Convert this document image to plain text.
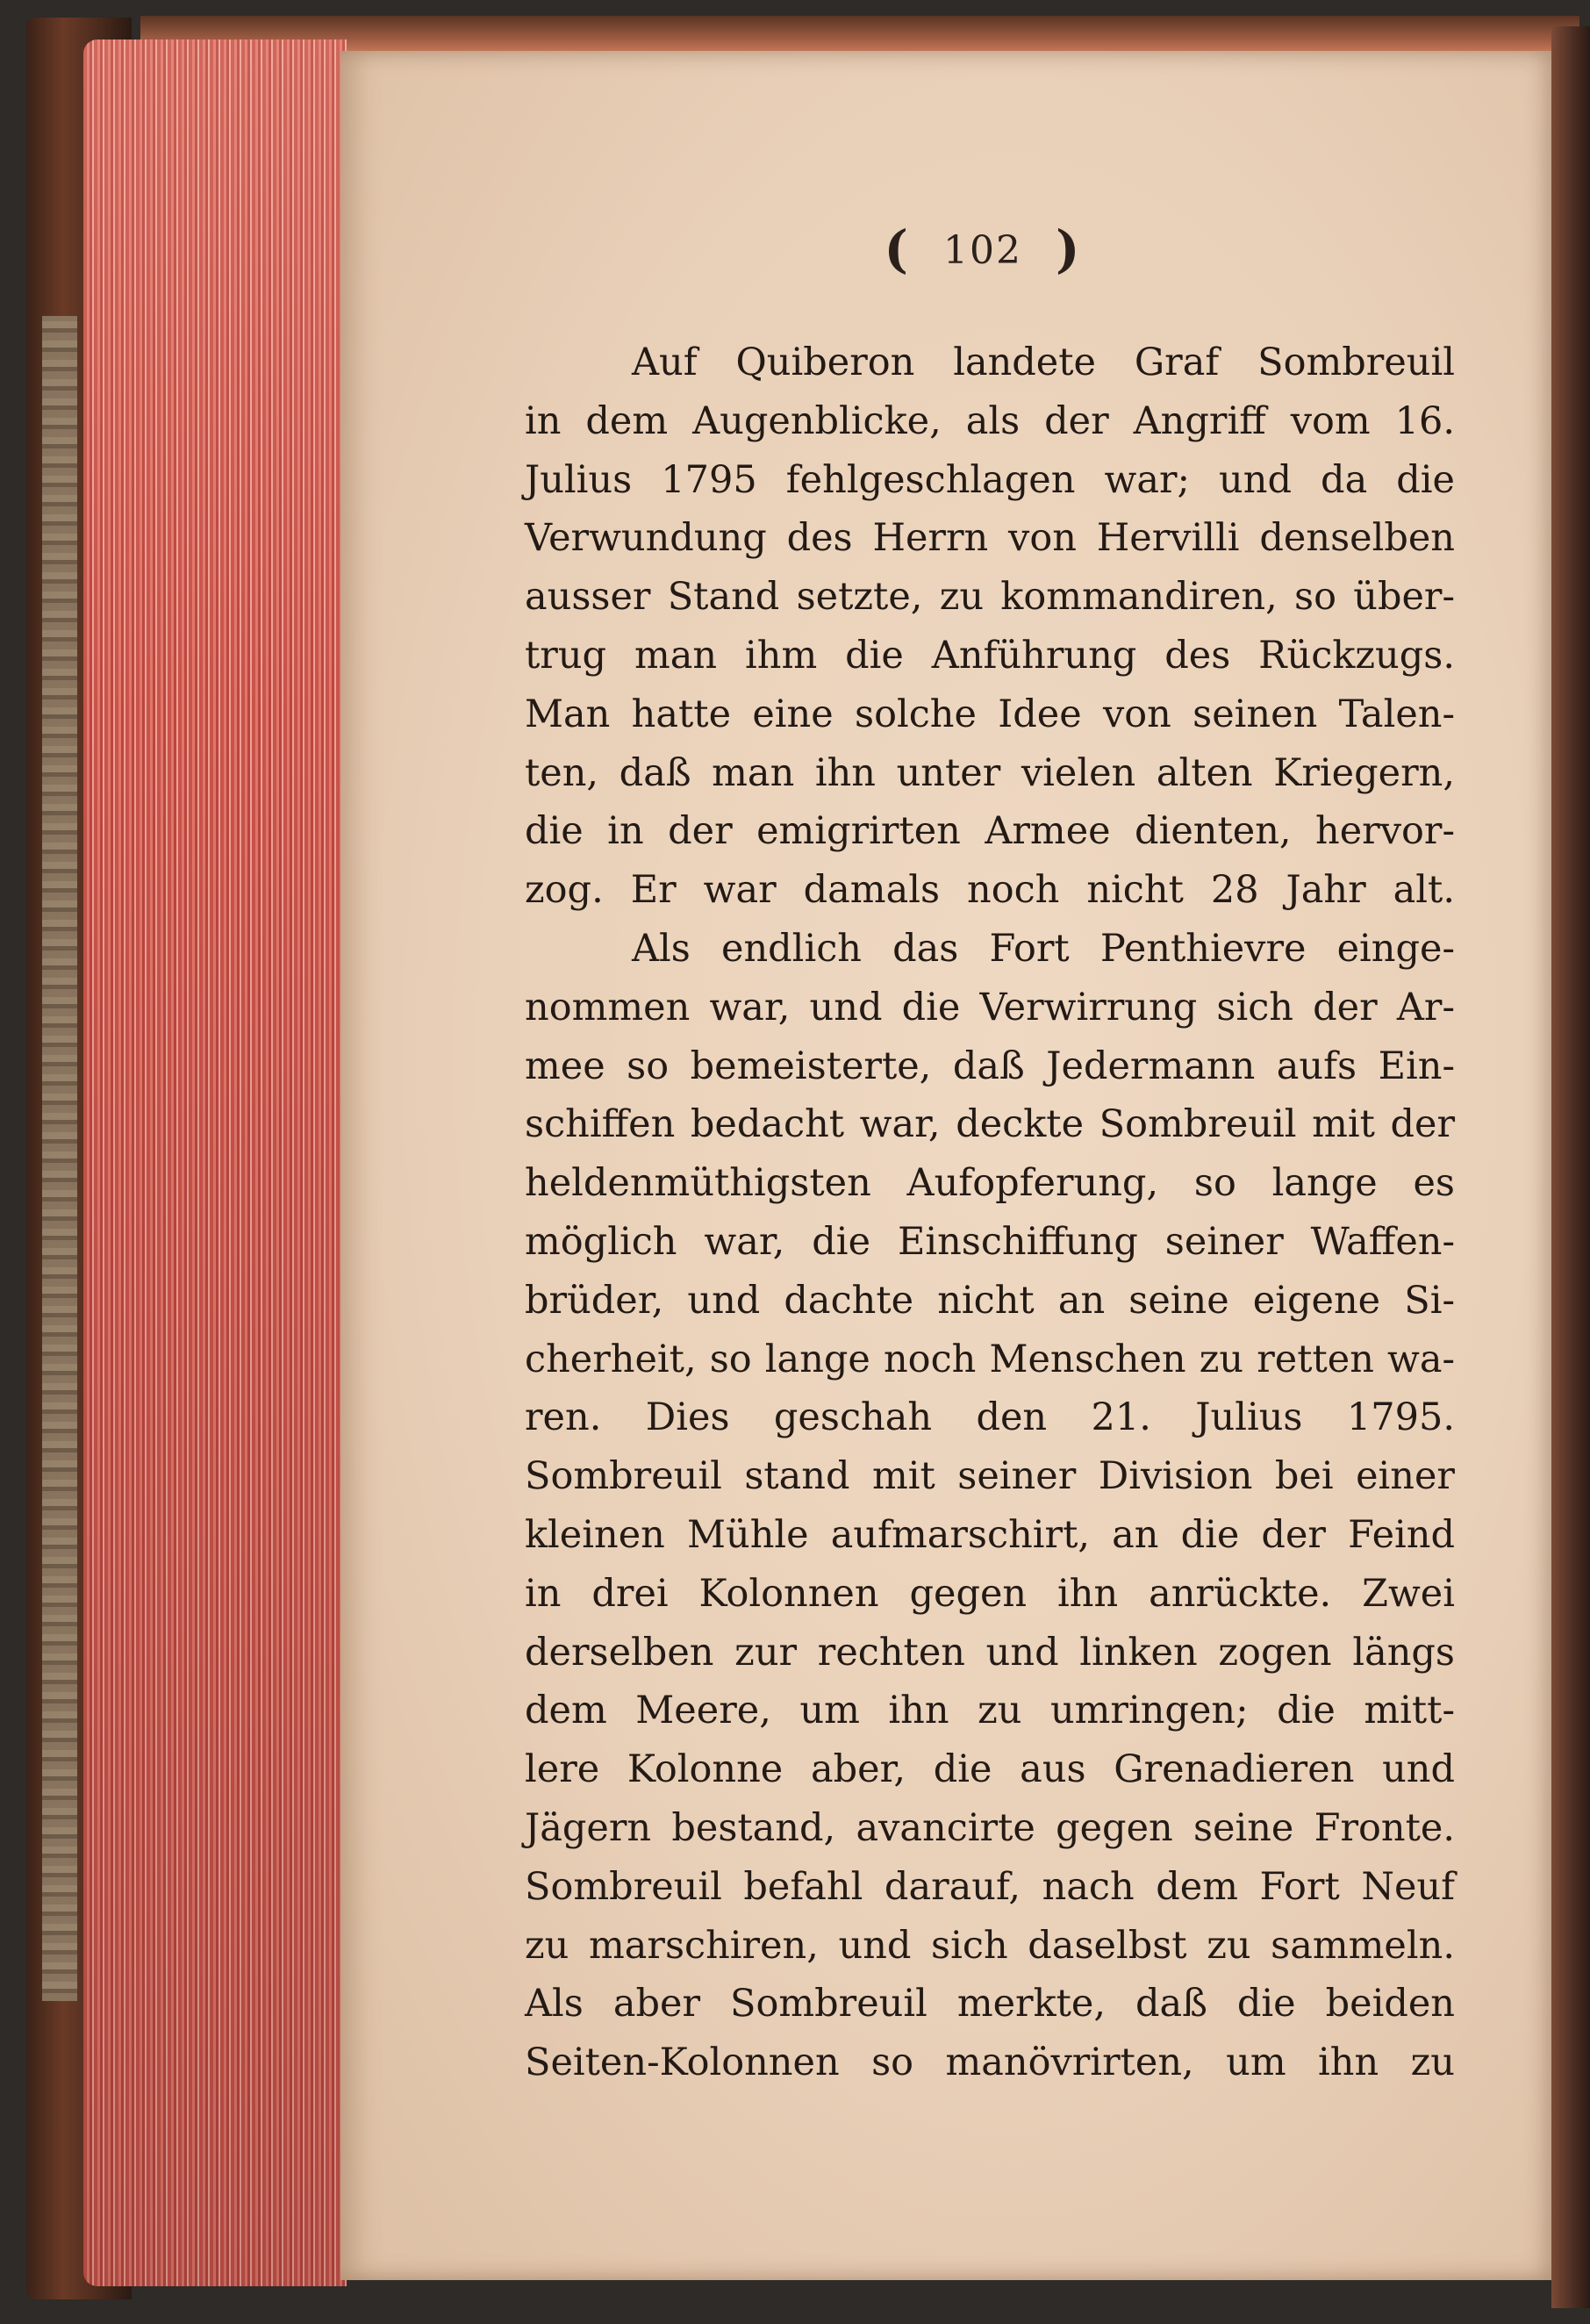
( 102 )
Auf Quiberon landete Graf Sombreuil
in dem Augenblicke, als der Angriff vom 16.
Julius 1795 fehlgeschlagen war; und da die
Verwundung des Herrn von Hervilli denselben
ausser Stand setzte, zu kommandiren, so über-
trug man ihm die Anführung des Rückzugs.
Man hatte eine solche Idee von seinen Talen-
ten, daß man ihn unter vielen alten Kriegern,
die in der emigrirten Armee dienten, hervor-
zog. Er war damals noch nicht 28 Jahr alt.
Als endlich das Fort Penthievre einge-
nommen war, und die Verwirrung sich der Ar-
mee so bemeisterte, daß Jedermann aufs Ein-
schiffen bedacht war, deckte Sombreuil mit der
heldenmüthigsten Aufopferung, so lange es
möglich war, die Einschiffung seiner Waffen-
brüder, und dachte nicht an seine eigene Si-
cherheit, so lange noch Menschen zu retten wa-
ren. Dies geschah den 21. Julius 1795.
Sombreuil stand mit seiner Division bei einer
kleinen Mühle aufmarschirt, an die der Feind
in drei Kolonnen gegen ihn anrückte. Zwei
derselben zur rechten und linken zogen längs
dem Meere, um ihn zu umringen; die mitt-
lere Kolonne aber, die aus Grenadieren und
Jägern bestand, avancirte gegen seine Fronte.
Sombreuil befahl darauf, nach dem Fort Neuf
zu marschiren, und sich daselbst zu sammeln.
Als aber Sombreuil merkte, daß die beiden
Seiten-Kolonnen so manövrirten, um ihn zu
